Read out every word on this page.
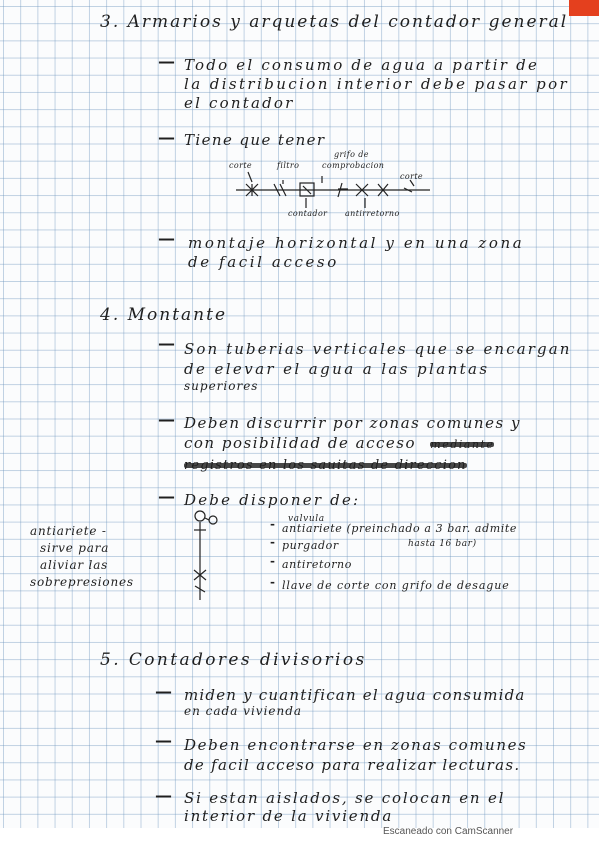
3. Armarios y arquetas del contador general
— Todo el consumo de agua a partir de
la distribucion interior debe pasar por
el contador
— Tiene que tener
grifo de
comprobacion
corte	filtro
corte
contador antirretorno
— montaje horizontal y en una zona
de facil acceso
4. Montante
— Son tuberias verticales que se encargan
de elevar el agua a las plantas
superiores
— Deben discurrir por zonas comunes y
con posibilidad de acceso
— Debe disponer de:
antiariete -
sirve para
aliviar las
sobrepresiones
valvula
- antiariete (preinchado a 3 bar. admite
- purgador	hasta 16 bar)
- antiretorno
- llave de corte con grifo de desague
5. Contadores divisorios
— miden y cuantifican el agua consumida
en cada vivienda
— Deben encontrarse en zonas comunes
de facil acceso para realizar lecturas.
— Si estan aislados, se colocan en el
interior de la vivienda
Escaneado con CamScanner
